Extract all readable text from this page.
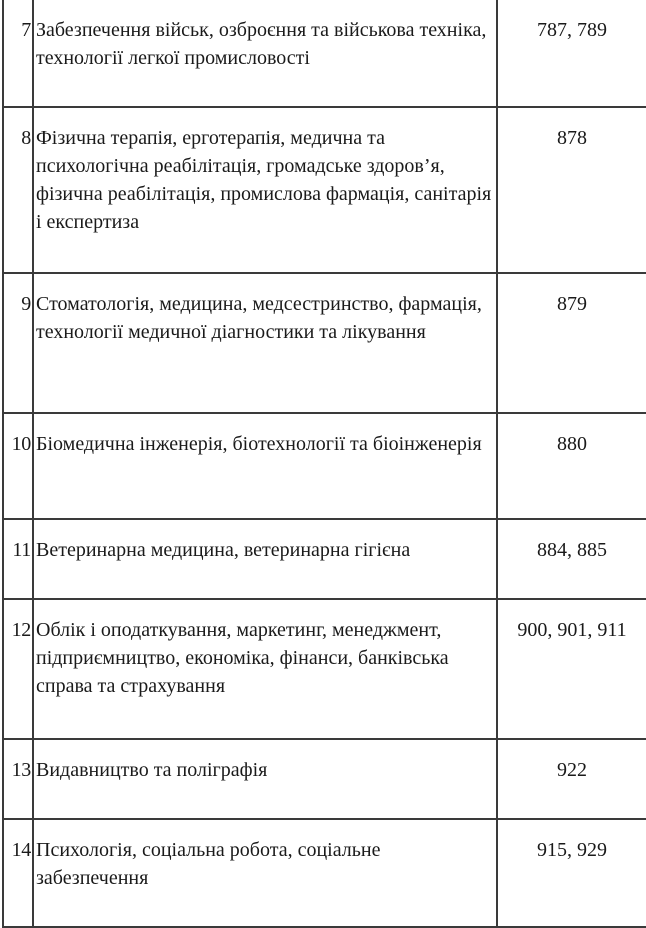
7	Забезпечення військ, озброєння та військова техніка, технології легкої промисловості	787, 789
8	Фізична терапія, ерготерапія, медична та психологічна реабілітація, громадське здоров’я, фізична реабілітація, промислова фармація, санітарія і експертиза	878
9	Стоматологія, медицина, медсестринство, фармація, технології медичної діагностики та лікування	879
10	Біомедична інженерія, біотехнології та біоінженерія	880
11	Ветеринарна медицина, ветеринарна гігієна	884, 885
12	Облік і оподаткування, маркетинг, менеджмент, підприємництво, економіка, фінанси, банківська справа та страхування	900, 901, 911
13	Видавництво та поліграфія	922
14	Психологія, соціальна робота, соціальне забезпечення	915, 929
